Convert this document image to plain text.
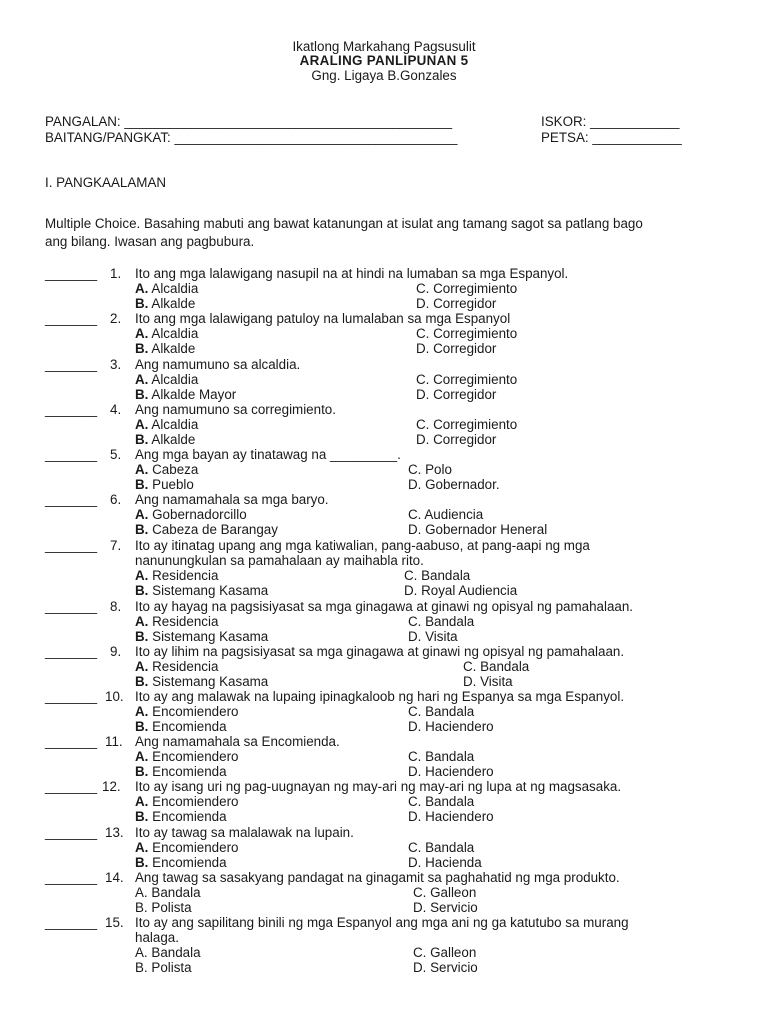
Ikatlong Markahang Pagsusulit
ARALING PANLIPUNAN 5
Gng. Ligaya B.Gonzales
PANGALAN: ____________________________________________	ISKOR: ____________
BAITANG/PANGKAT: ______________________________________	PETSA: ____________
I. PANGKAALAMAN
Multiple Choice. Basahing mabuti ang bawat katanungan at isulat ang tamang sagot sa patlang bago
ang bilang. Iwasan ang pagbubura.
_______ 1. Ito ang mga lalawigang nasupil na at hindi na lumaban sa mga Espanyol.
A. Alcaldia
B. Alkalde
C. Corregimiento
D. Corregidor
_______ 2. Ito ang mga lalawigang patuloy na lumalaban sa mga Espanyol
A. Alcaldia
B. Alkalde
C. Corregimiento
D. Corregidor
_______ 3. Ang namumuno sa alcaldia.
A. Alcaldia
B. Alkalde Mayor
C. Corregimiento
D. Corregidor
_______ 4. Ang namumuno sa corregimiento.
A. Alcaldia
B. Alkalde
C. Corregimiento
D. Corregidor
_______ 5. Ang mga bayan ay tinatawag na _________.
A. Cabeza
B. Pueblo
C. Polo
D. Gobernador.
_______ 6. Ang namamahala sa mga baryo.
A. Gobernadorcillo
B. Cabeza de Barangay
C. Audiencia
D. Gobernador Heneral
_______ 7. Ito ay itinatag upang ang mga katiwalian, pang-aabuso, at pang-aapi ng mga
nanunungkulan sa pamahalaan ay maihabla rito.
A. Residencia
B. Sistemang Kasama
C. Bandala
D. Royal Audiencia
_______ 8. Ito ay hayag na pagsisiyasat sa mga ginagawa at ginawi ng opisyal ng pamahalaan.
A. Residencia
B. Sistemang Kasama
C. Bandala
D. Visita
_______ 9. Ito ay lihim na pagsisiyasat sa mga ginagawa at ginawi ng opisyal ng pamahalaan.
A. Residencia
B. Sistemang Kasama
C. Bandala
D. Visita
_______ 10. Ito ay ang malawak na lupaing ipinagkaloob ng hari ng Espanya sa mga Espanyol.
A. Encomiendero
B. Encomienda
C. Bandala
D. Haciendero
_______ 11. Ang namamahala sa Encomienda.
A. Encomiendero
B. Encomienda
C. Bandala
D. Haciendero
_______ 12. Ito ay isang uri ng pag-uugnayan ng may-ari ng may-ari ng lupa at ng magsasaka.
A. Encomiendero
B. Encomienda
C. Bandala
D. Haciendero
_______ 13. Ito ay tawag sa malalawak na lupain.
A. Encomiendero
B. Encomienda
C. Bandala
D. Hacienda
_______ 14. Ang tawag sa sasakyang pandagat na ginagamit sa paghahatid ng mga produkto.
A. Bandala
B. Polista
C. Galleon
D. Servicio
_______ 15. Ito ay ang sapilitang binili ng mga Espanyol ang mga ani ng ga katutubo sa murang
halaga.
A. Bandala
B. Polista
C. Galleon
D. Servicio
